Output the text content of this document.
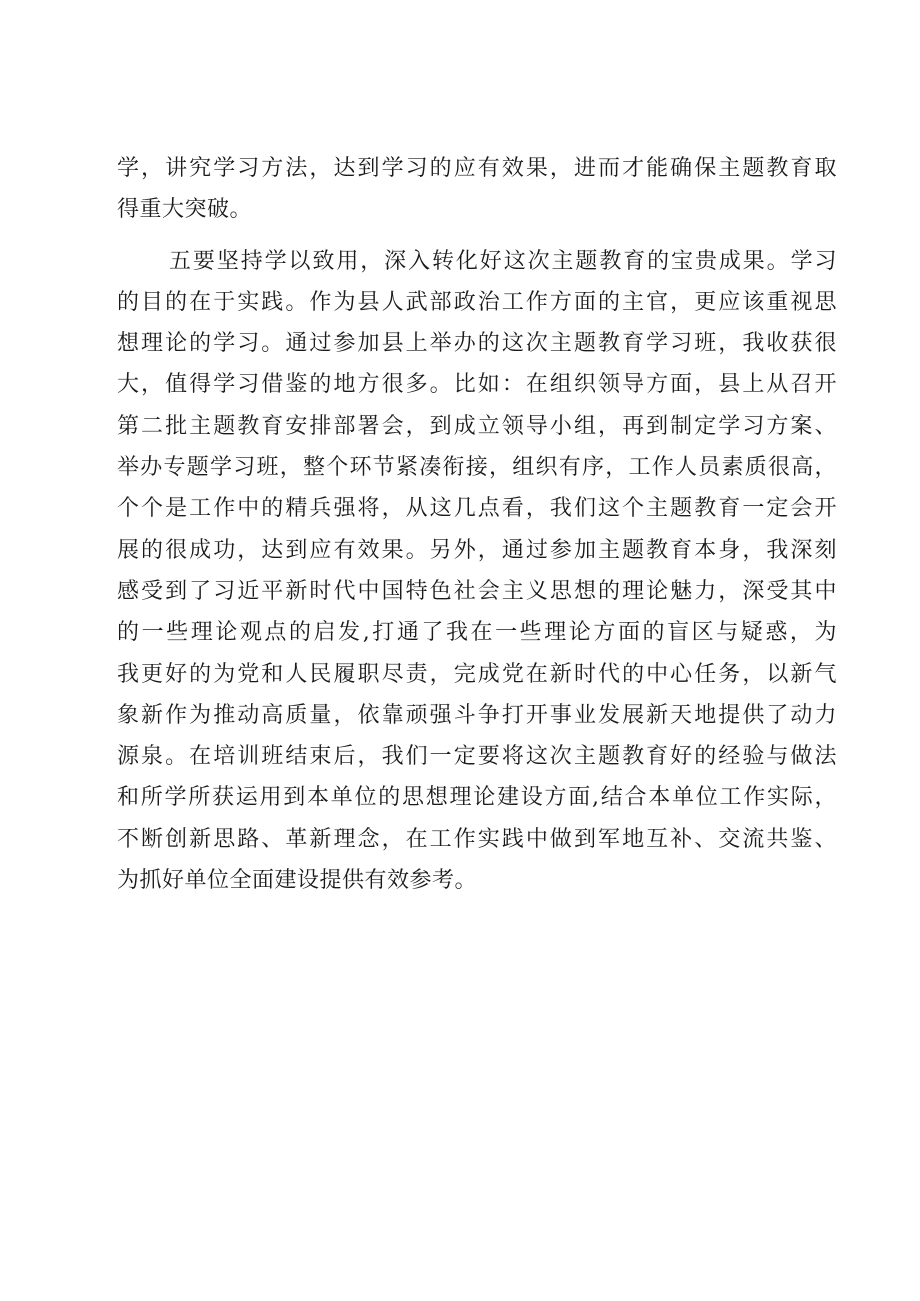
学，讲究学习方法，达到学习的应有效果，进而才能确保主题教育取
得重大突破。
五要坚持学以致用，深入转化好这次主题教育的宝贵成果。学习
的目的在于实践。作为县人武部政治工作方面的主官，更应该重视思
想理论的学习。通过参加县上举办的这次主题教育学习班，我收获很
大，值得学习借鉴的地方很多。比如：在组织领导方面，县上从召开
第二批主题教育安排部署会，到成立领导小组，再到制定学习方案、
举办专题学习班，整个环节紧凑衔接，组织有序，工作人员素质很高，
个个是工作中的精兵强将，从这几点看，我们这个主题教育一定会开
展的很成功，达到应有效果。另外，通过参加主题教育本身，我深刻
感受到了习近平新时代中国特色社会主义思想的理论魅力，深受其中
的一些理论观点的启发,打通了我在一些理论方面的盲区与疑惑，为
我更好的为党和人民履职尽责，完成党在新时代的中心任务，以新气
象新作为推动高质量，依靠顽强斗争打开事业发展新天地提供了动力
源泉。在培训班结束后，我们一定要将这次主题教育好的经验与做法
和所学所获运用到本单位的思想理论建设方面,结合本单位工作实际，
不断创新思路、革新理念，在工作实践中做到军地互补、交流共鉴、
为抓好单位全面建设提供有效参考。
